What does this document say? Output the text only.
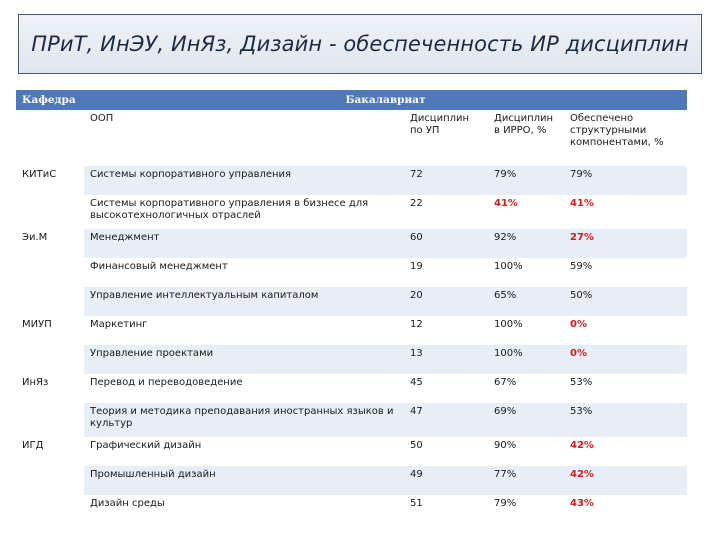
ПРиТ, ИнЭУ, ИнЯз, Дизайн - обеспеченность ИР дисциплин
Кафедра	Бакалавриат			
	ООП	Дисциплин по УП	Дисциплин в ИРРО, %	Обеспечено структурными компонентами, %
КИТиС	Системы корпоративного управления	72	79%	79%
	Системы корпоративного управления в бизнесе для высокотехнологичных отраслей	22	41%	41%
Эи.М	Менеджмент	60	92%	27%
	Финансовый менеджмент	19	100%	59%
	Управление интеллектуальным капиталом	20	65%	50%
МИУП	Маркетинг	12	100%	0%
	Управление проектами	13	100%	0%
ИнЯз	Перевод и переводоведение	45	67%	53%
	Теория и методика преподавания иностранных языков и культур	47	69%	53%
ИГД	Графический дизайн	50	90%	42%
	Промышленный дизайн	49	77%	42%
	Дизайн среды	51	79%	43%
